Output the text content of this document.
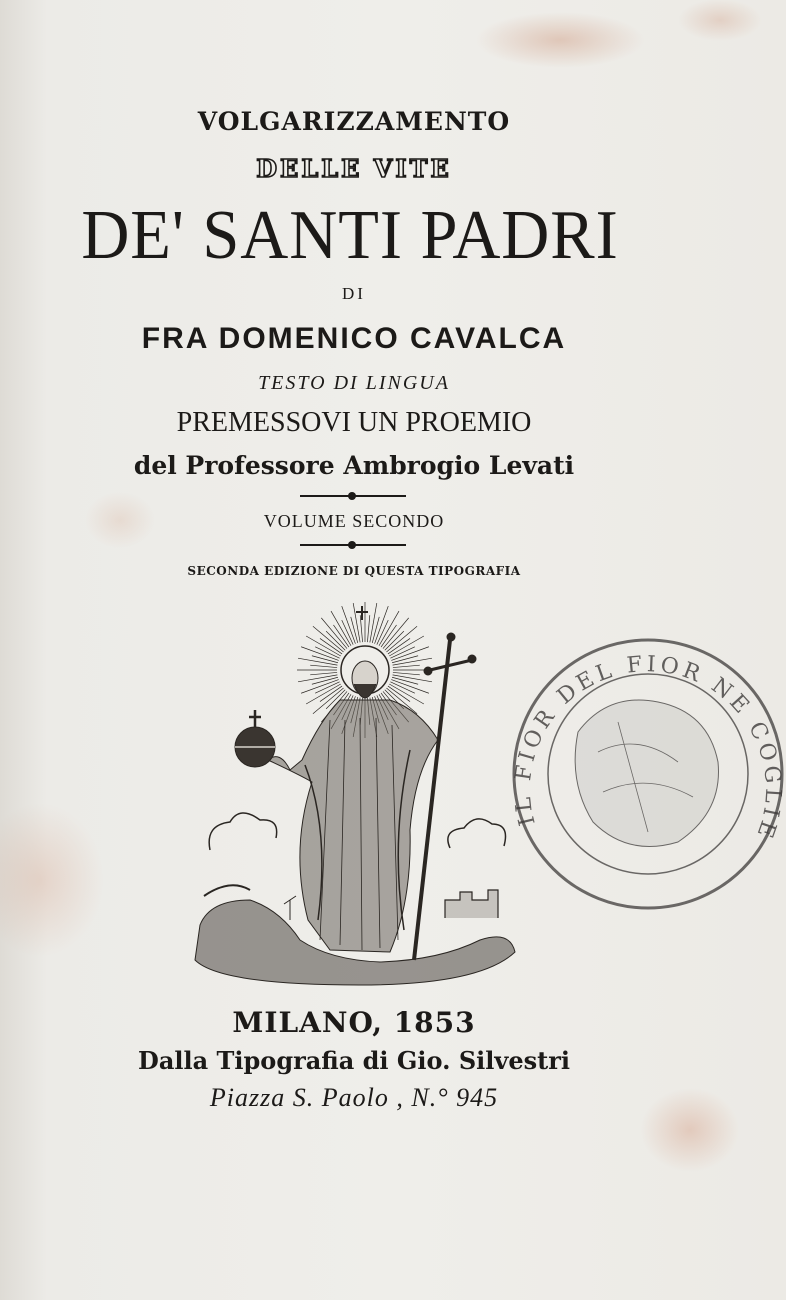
VOLGARIZZAMENTO
DELLE VITE
DE' SANTI PADRI
DI
FRA DOMENICO CAVALCA
TESTO DI LINGUA
PREMESSOVI UN PROEMIO
del Professore Ambrogio Levati
VOLUME SECONDO
SECONDA EDIZIONE DI QUESTA TIPOGRAFIA
IL FIOR DEL FIOR NE COGLIE
MILANO, 1853
Dalla Tipografia di Gio. Silvestri
Piazza S. Paolo , N.° 945
